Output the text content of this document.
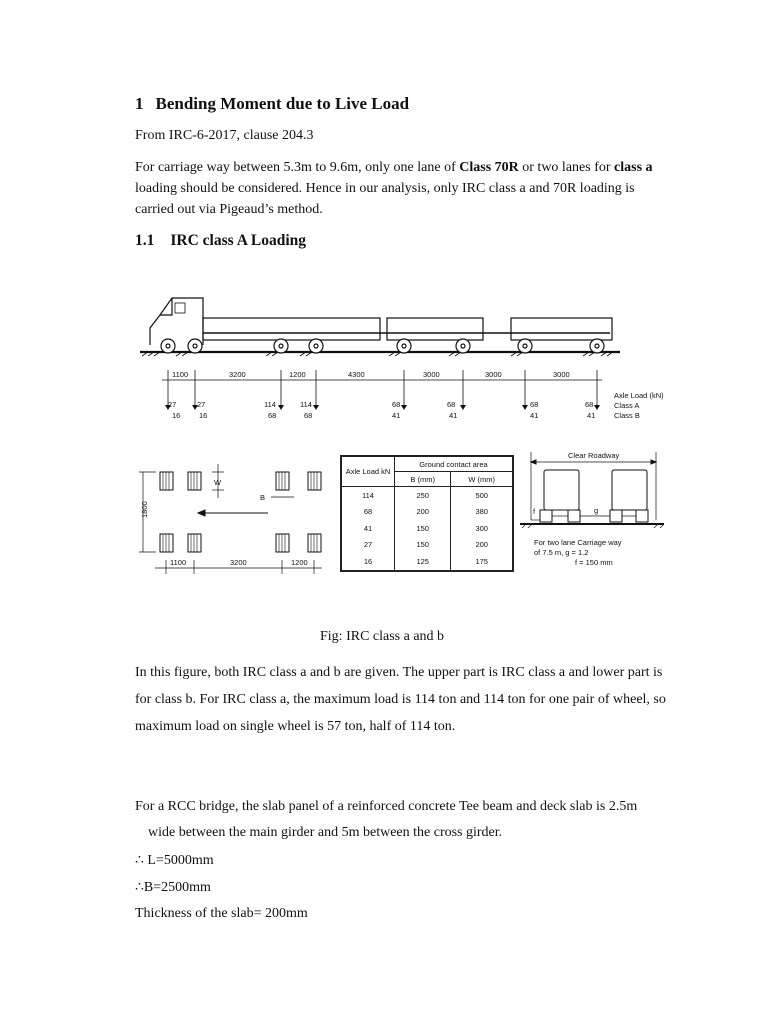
1 Bending Moment due to Live Load
From IRC-6-2017, clause 204.3
For carriage way between 5.3m to 9.6m, only one lane of Class 70R or two lanes for class a loading should be considered. Hence in our analysis, only IRC class a and 70R loading is carried out via Pigeaud’s method.
1.1 IRC class A Loading
1100	3200	1200	4300	3000	3000	3000
27	27	114	114	68	68	68	68
16 16	68	68	41	41	41	41
Axle Load (kN)
Class A
Class B
1800
W
B
1100	3200	1200
Clear Roadway
f	g
For two lane Carriage way
of 7.5 m, g = 1.2
f = 150 mm
Axle Load kN	Ground contact area	
	B (mm)	W (mm)
114	250	500
68	200	380
41	150	300
27	150	200
16	125	175
Fig: IRC class a and b
In this figure, both IRC class a and b are given. The upper part is IRC class a and lower part is for class b. For IRC class a, the maximum load is 114 ton and 114 ton for one pair of wheel, so maximum load on single wheel is 57 ton, half of 114 ton.
For a RCC bridge, the slab panel of a reinforced concrete Tee beam and deck slab is 2.5m
wide between the main girder and 5m between the cross girder.
∴ L=5000mm
∴B=2500mm
Thickness of the slab= 200mm
